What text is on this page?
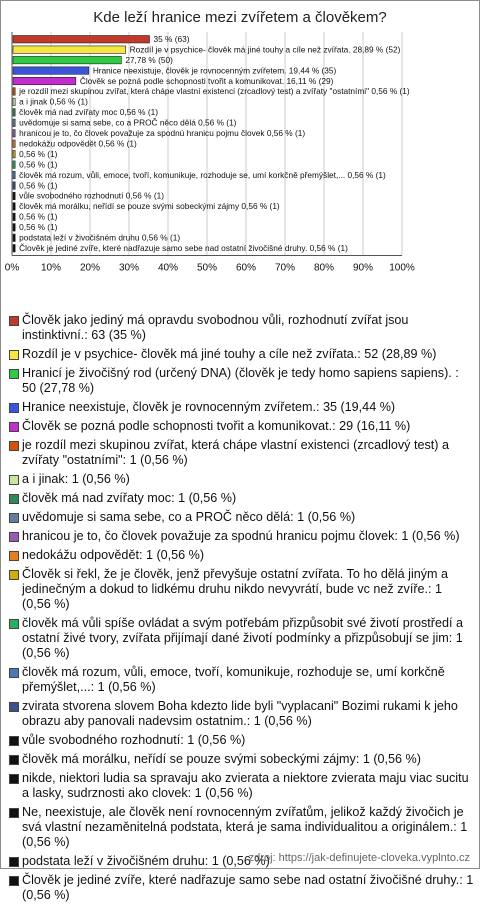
Kde leží hranice mezi zvířetem a člověkem?
35 % (63)
Rozdíl je v psychice- člověk má jiné touhy a cíle než zvířata. 28,89 % (52)
27,78 % (50)
Hranice neexistuje, člověk je rovnocenným zvířetem. 19,44 % (35)
Člověk se pozná podle schopnosti tvořit a komunikovat. 16,11 % (29)
je rozdíl mezi skupinou zvířat, která chápe vlastní existenci (zrcadlový test) a zvířaty "ostatními" 0,56 % (1)
a i jinak 0,56 % (1)
člověk má nad zvířaty moc 0,56 % (1)
uvědomuje si sama sebe, co a PROČ něco dělá 0,56 % (1)
hranicou je to, čo človek považuje za spodnú hranicu pojmu človek 0,56 % (1)
nedokážu odpovědět 0,56 % (1)
0,56 % (1)
0,56 % (1)
člověk má rozum, vůli, emoce, tvoří, komunikuje, rozhoduje se, umí korkčně přemýšlet,... 0,56 % (1)
0,56 % (1)
vůle svobodného rozhodnutí 0,56 % (1)
člověk má morálku, neřídí se pouze svými sobeckými zájmy 0,56 % (1)
0,56 % (1)
0,56 % (1)
podstata leží v živočišném druhu 0,56 % (1)
Člověk je jediné zvíře, které nadřazuje samo sebe nad ostatní živočišné druhy. 0,56 % (1)
0% 10% 20% 30% 40% 50% 60% 70% 80% 90% 100%
Člověk jako jediný má opravdu svobodnou vůli, rozhodnutí zvířat jsou instinktivní.: 63 (35 %)
Rozdíl je v psychice- člověk má jiné touhy a cíle než zvířata.: 52 (28,89 %)
Hranicí je živočišný rod (určený DNA) (člověk je tedy homo sapiens sapiens). : 50 (27,78 %)
Hranice neexistuje, člověk je rovnocenným zvířetem.: 35 (19,44 %)
Člověk se pozná podle schopnosti tvořit a komunikovat.: 29 (16,11 %)
je rozdíl mezi skupinou zvířat, která chápe vlastní existenci (zrcadlový test) a zvířaty "ostatními": 1 (0,56 %)
a i jinak: 1 (0,56 %)
člověk má nad zvířaty moc: 1 (0,56 %)
uvědomuje si sama sebe, co a PROČ něco dělá: 1 (0,56 %)
hranicou je to, čo človek považuje za spodnú hranicu pojmu človek: 1 (0,56 %)
nedokážu odpovědět: 1 (0,56 %)
Člověk si řekl, že je člověk, jenž převyšuje ostatní zvířata. To ho dělá jiným a jedinečným a dokud to lidkému druhu nikdo nevyvrátí, bude vc než zvíře.: 1 (0,56 %)
člověk má vůli spíše ovládat a svým potřebám přizpůsobit své životí prostředí a ostatní živé tvory, zvířata přijímají dané životí podmínky a přizpůsobují se jim: 1 (0,56 %)
člověk má rozum, vůli, emoce, tvoří, komunikuje, rozhoduje se, umí korkčně přemýšlet,...: 1 (0,56 %)
zvirata stvorena slovem Boha kdezto lide byli "vyplacani" Bozimi rukami k jeho obrazu aby panovali nadevsim ostatnim.: 1 (0,56 %)
vůle svobodného rozhodnutí: 1 (0,56 %)
člověk má morálku, neřídí se pouze svými sobeckými zájmy: 1 (0,56 %)
nikde, niektori ludia sa spravaju ako zvierata a niektore zvierata maju viac sucitu a lasky, sudrznosti ako clovek: 1 (0,56 %)
Ne, neexistuje, ale člověk není rovnocenným zvířatům, jelikož každý živočich je svá vlastní nezaměnitelná podstata, která je sama individualitou a originálem.: 1 (0,56 %)
podstata leží v živočišném druhu: 1 (0,56 %)
Člověk je jediné zvíře, které nadřazuje samo sebe nad ostatní živočišné druhy.: 1 (0,56 %)
zdroj: https://jak-definujete-cloveka.vyplnto.cz
